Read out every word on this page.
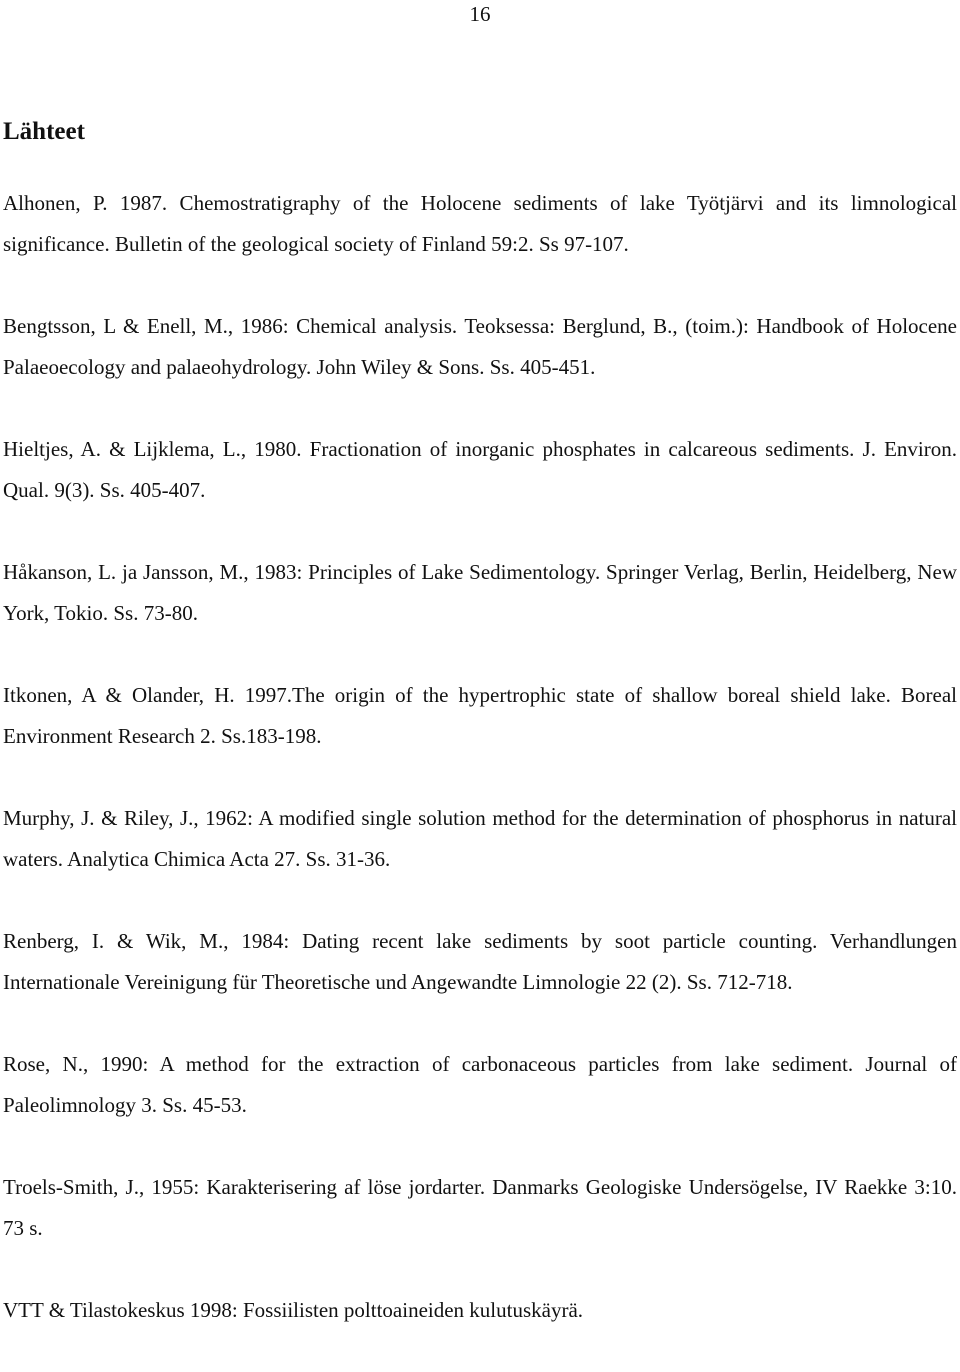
16
Lähteet

Alhonen, P. 1987. Chemostratigraphy of the Holocene sediments of lake Työtjärvi and its limnological significance. Bulletin of the geological society of Finland 59:2. Ss 97-107.

Bengtsson, L & Enell, M., 1986: Chemical analysis. Teoksessa: Berglund, B., (toim.): Handbook of Holocene Palaeoecology and palaeohydrology. John Wiley & Sons. Ss. 405-451.

Hieltjes, A. & Lijklema, L., 1980. Fractionation of inorganic phosphates in calcareous sediments. J. Environ. Qual. 9(3). Ss. 405-407.

Håkanson, L. ja Jansson, M., 1983: Principles of Lake Sedimentology. Springer Verlag, Berlin, Heidelberg, New York, Tokio. Ss. 73-80.

Itkonen, A & Olander, H. 1997.The origin of the hypertrophic state of shallow boreal shield lake. Boreal Environment Research 2. Ss.183-198.

Murphy, J. & Riley, J., 1962: A modified single solution method for the determination of phosphorus in natural waters. Analytica Chimica Acta 27. Ss. 31-36.

Renberg, I. & Wik, M., 1984: Dating recent lake sediments by soot particle counting. Verhandlungen Internationale Vereinigung für Theoretische und Angewandte Limnologie 22 (2). Ss. 712-718.

Rose, N., 1990: A method for the extraction of carbonaceous particles from lake sediment. Journal of Paleolimnology 3. Ss. 45-53.

Troels-Smith, J., 1955: Karakterisering af löse jordarter. Danmarks Geologiske Undersögelse, IV Raekke 3:10. 73 s.

VTT & Tilastokeskus 1998: Fossiilisten polttoaineiden kulutuskäyrä.
